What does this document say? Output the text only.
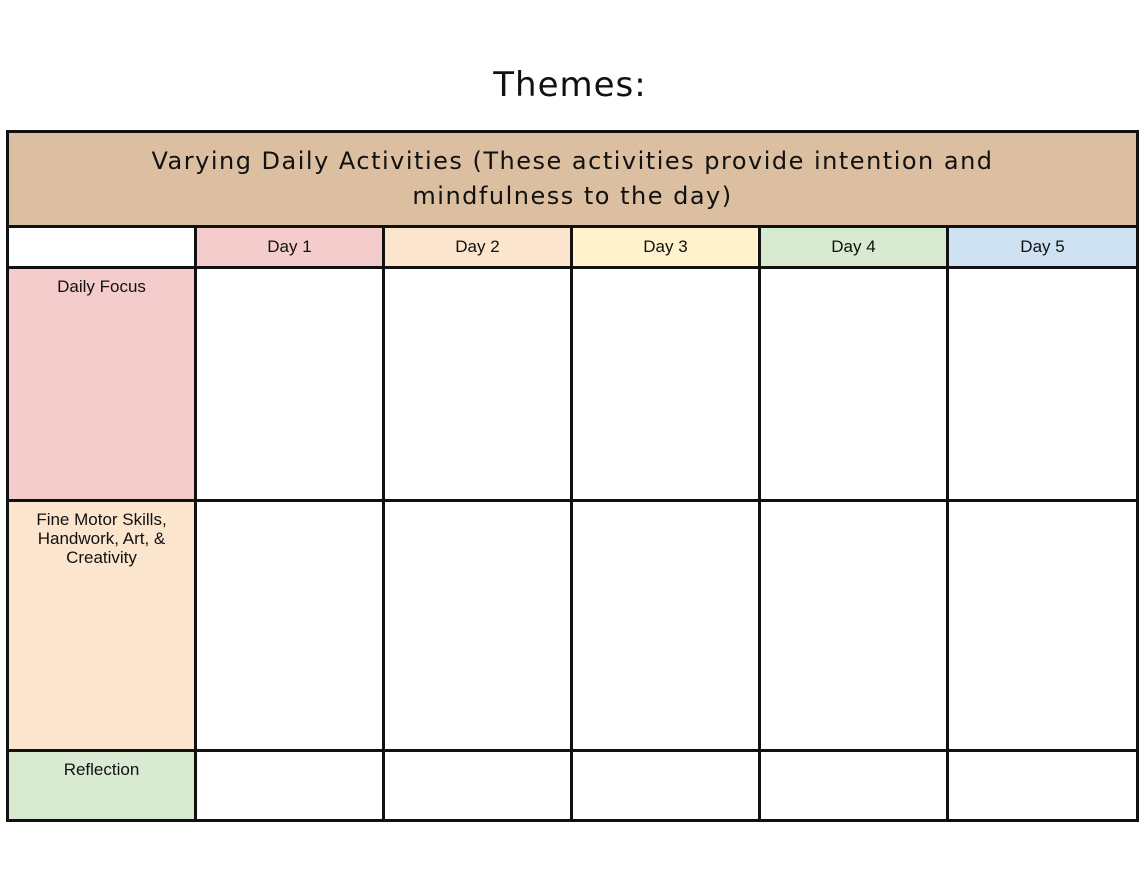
Themes:
Varying Daily Activities (These activities provide intention and
mindfulness to the day)					

	Day 1	Day 2	Day 3	Day 4	Day 5
Daily Focus					

Fine Motor Skills,
Handwork, Art, &
Creativity					

Reflection					
